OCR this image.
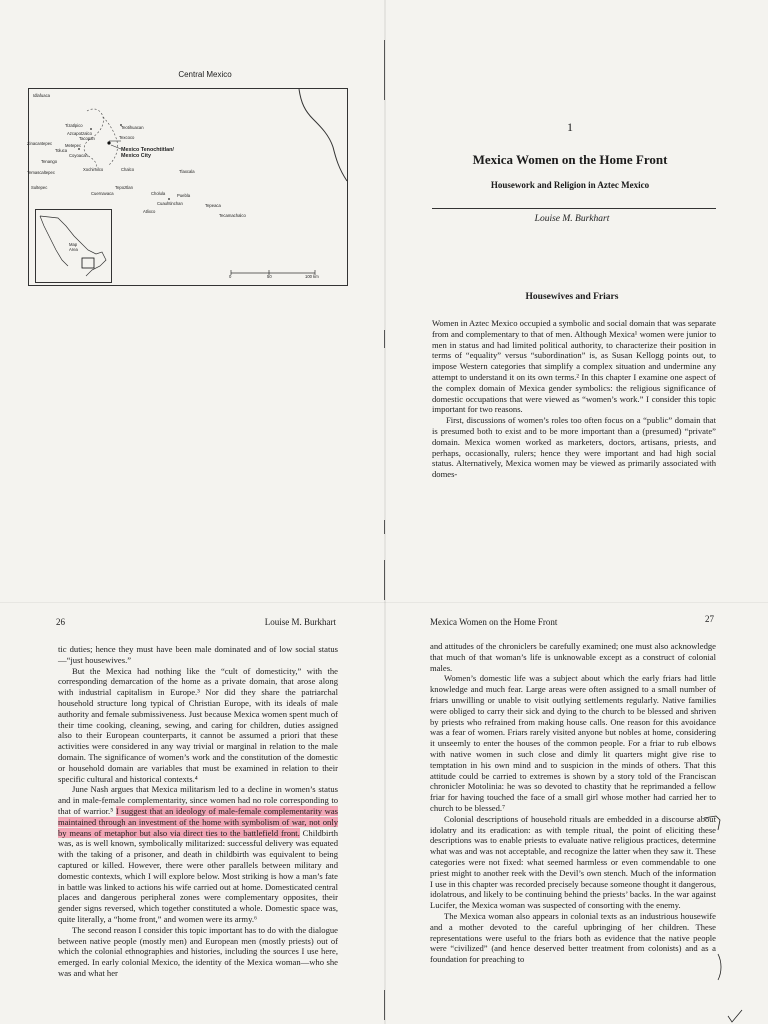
Central Mexico
Idlafuaca
Tizatlpico	Teotihuacan
Azcapotzalco
Tacopan	Texcoco
Zinacantepec	Metepec
Toluca
Coyoacan
Mexico Tenochtitlan/
Mexico City
Tenango
Xochimilco	Chalco	Tlaxcala
Temascaltepec
Sultepec	Tepoztlan
Cuernavaca	Cholula	Puebla
Cuauhtinchan	Tepeaca
Atlixco
Tecamachalco
Map Area
0	50	100 km
1
Mexica Women on the Home Front
Housework and Religion in Aztec Mexico
Louise M. Burkhart
Housewives and Friars

Women in Aztec Mexico occupied a symbolic and social domain that was separate from and complementary to that of men. Although Mexica¹ women were junior to men in status and had limited political authority, to characterize their position in terms of “equality” versus “subordination” is, as Susan Kellogg points out, to impose Western categories that simplify a complex situation and undermine any attempt to understand it on its own terms.² In this chapter I examine one aspect of the complex domain of Mexica gender symbolics: the religious significance of domestic occupations that were viewed as “women’s work.” I consider this topic important for two reasons.

First, discussions of women’s roles too often focus on a “public” domain that is presumed both to exist and to be more important than a (presumed) “private” domain. Mexica women worked as marketers, doctors, artisans, priests, and perhaps, occasionally, rulers; hence they were important and had high social status. Alternatively, Mexica women may be viewed as primarily associated with domes-

26	Louise M. Burkhart

tic duties; hence they must have been male dominated and of low social status—“just housewives.”

But the Mexica had nothing like the “cult of domesticity,” with the corresponding demarcation of the home as a private domain, that arose along with industrial capitalism in Europe.³ Nor did they share the patriarchal household structure long typical of Christian Europe, with its ideals of male authority and female submissiveness. Just because Mexica women spent much of their time cooking, cleaning, sewing, and caring for children, duties assigned also to their European counterparts, it cannot be assumed a priori that these activities were considered in any way trivial or marginal in relation to the male domain. The significance of women’s work and the constitution of the domestic or household domain are variables that must be examined in relation to their specific cultural and historical contexts.⁴

June Nash argues that Mexica militarism led to a decline in women’s status and in male-female complementarity, since women had no role corresponding to that of warrior.⁵ I suggest that an ideology of male-female complementarity was maintained through an investment of the home with symbolism of war, not only by means of metaphor but also via direct ties to the battlefield front. Childbirth was, as is well known, symbolically militarized: successful delivery was equated with the taking of a prisoner, and death in childbirth was equivalent to being captured or killed. However, there were other parallels between military and domestic contexts, which I will explore below. Most striking is how a man’s fate in battle was linked to actions his wife carried out at home. Domesticated central places and dangerous peripheral zones were complementary opposites, their gender signs reversed, which together constituted a whole. Domestic space was, quite literally, a “home front,” and women were its army.⁶

The second reason I consider this topic important has to do with the dialogue between native people (mostly men) and European men (mostly priests) out of which the colonial ethnographies and histories, including the sources I use here, emerged. In early colonial Mexico, the identity of the Mexica woman—who she was and what her

Mexica Women on the Home Front	27

and attitudes of the chroniclers be carefully examined; one must also acknowledge that much of that woman’s life is unknowable except as a construct of colonial males.

Women’s domestic life was a subject about which the early friars had little knowledge and much fear. Large areas were often assigned to a small number of friars unwilling or unable to visit outlying settlements regularly. Native families were obliged to carry their sick and dying to the church to be blessed and shriven by priests who refrained from making house calls. One reason for this avoidance was a fear of women. Friars rarely visited anyone but nobles at home, considering it unseemly to enter the houses of the common people. For a friar to rub elbows with native women in such close and dimly lit quarters might give rise to temptation in his own mind and to suspicion in the minds of others. That this attitude could be carried to extremes is shown by a story told of the Franciscan chronicler Motolinia: he was so devoted to chastity that he reprimanded a fellow friar for having touched the face of a small girl whose mother had carried her to church to be blessed.⁷

Colonial descriptions of household rituals are embedded in a discourse about idolatry and its eradication: as with temple ritual, the point of eliciting these descriptions was to enable priests to evaluate native religious practices, determine what was and was not acceptable, and recognize the latter when they saw it. These categories were not fixed: what seemed harmless or even commendable to one priest might to another reek with the Devil’s own stench. Much of the information I use in this chapter was recorded precisely because someone thought it dangerous, idolatrous, and likely to be continuing behind the priests’ backs. In the war against Lucifer, the Mexica woman was suspected of consorting with the enemy.

The Mexica woman also appears in colonial texts as an industrious housewife and a mother devoted to the careful upbringing of her children. These representations were useful to the friars both as evidence that the native people were “civilized” (and hence deserved better treatment from colonists) and as a foundation for preaching to
